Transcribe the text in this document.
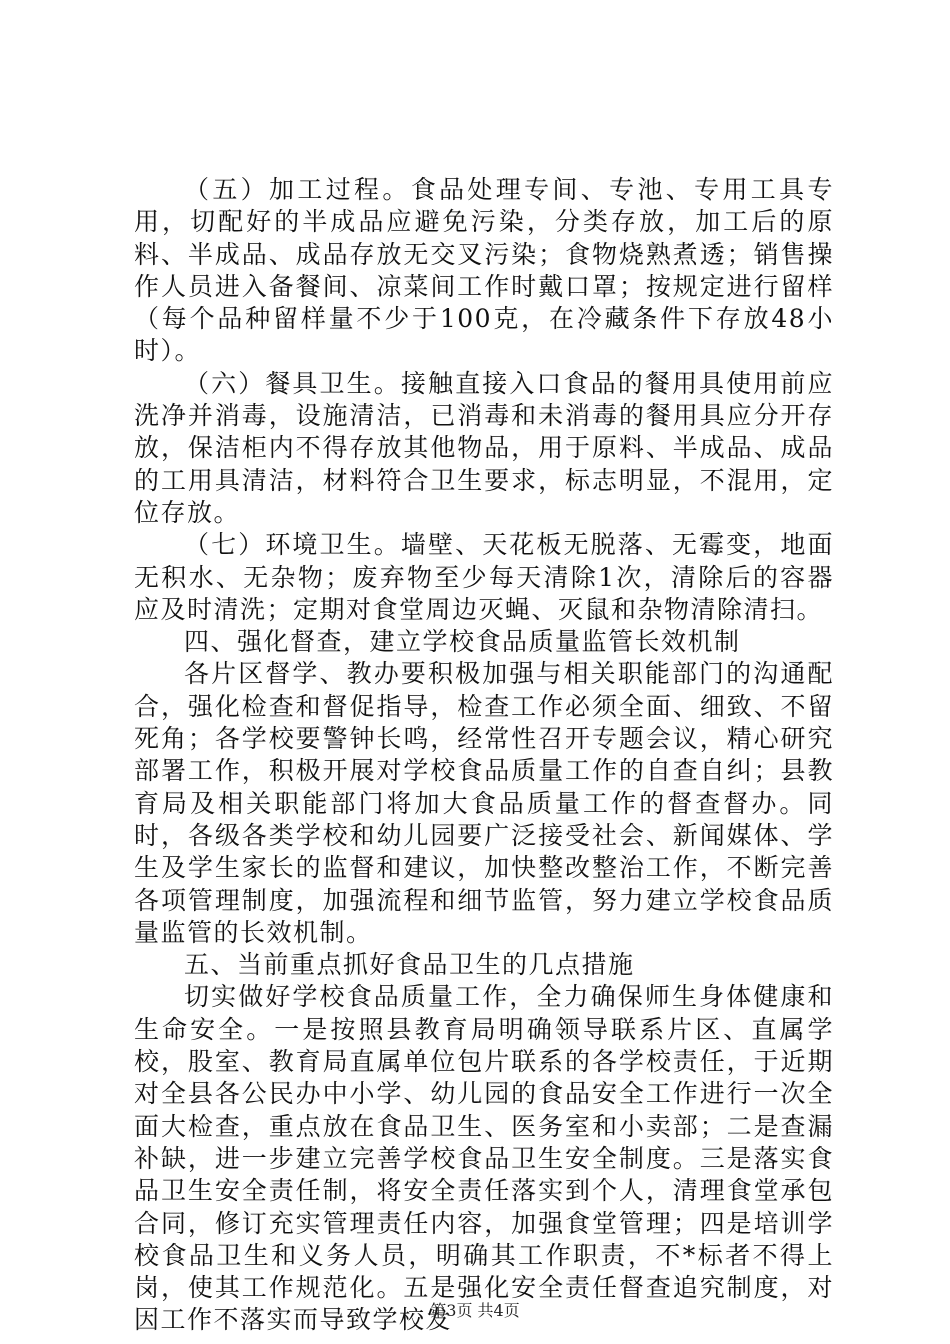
（五）加工过程。食品处理专间、专池、专用工具专用，切配好的半成品应避免污染，分类存放，加工后的原料、半成品、成品存放无交叉污染；食物烧熟煮透；销售操作人员进入备餐间、凉菜间工作时戴口罩；按规定进行留样（每个品种留样量不少于100克，在冷藏条件下存放48小时）。

（六）餐具卫生。接触直接入口食品的餐用具使用前应洗净并消毒，设施清洁，已消毒和未消毒的餐用具应分开存放，保洁柜内不得存放其他物品，用于原料、半成品、成品的工用具清洁，材料符合卫生要求，标志明显，不混用，定位存放。

（七）环境卫生。墙壁、天花板无脱落、无霉变，地面无积水、无杂物；废弃物至少每天清除1次，清除后的容器应及时清洗；定期对食堂周边灭蝇、灭鼠和杂物清除清扫。

四、强化督查，建立学校食品质量监管长效机制

各片区督学、教办要积极加强与相关职能部门的沟通配合，强化检查和督促指导，检查工作必须全面、细致、不留死角；各学校要警钟长鸣，经常性召开专题会议，精心研究部署工作，积极开展对学校食品质量工作的自查自纠；县教育局及相关职能部门将加大食品质量工作的督查督办。同时，各级各类学校和幼儿园要广泛接受社会、新闻媒体、学生及学生家长的监督和建议，加快整改整治工作，不断完善各项管理制度，加强流程和细节监管，努力建立学校食品质量监管的长效机制。

五、当前重点抓好食品卫生的几点措施

切实做好学校食品质量工作，全力确保师生身体健康和生命安全。一是按照县教育局明确领导联系片区、直属学校，股室、教育局直属单位包片联系的各学校责任，于近期对全县各公民办中小学、幼儿园的食品安全工作进行一次全面大检查，重点放在食品卫生、医务室和小卖部；二是查漏补缺，进一步建立完善学校食品卫生安全制度。三是落实食品卫生安全责任制，将安全责任落实到个人，清理食堂承包合同，修订充实管理责任内容，加强食堂管理；四是培训学校食品卫生和义务人员，明确其工作职责，不*标者不得上岗，使其工作规范化。五是强化安全责任督查追究制度，对因工作不落实而导致学校发

第3页 共4页
